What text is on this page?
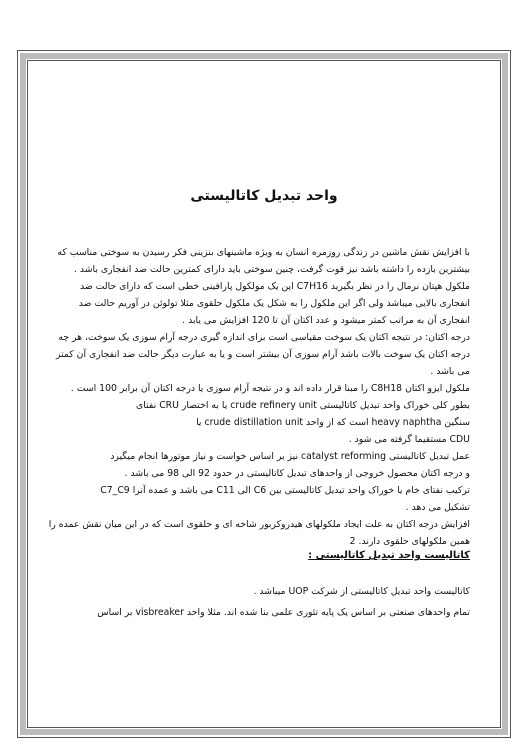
واحد تبدیل کاتالیستی

با افزایش نقش ماشین در زندگی روزمره انسان به ویژه ماشینهای بنزینی فکر رسیدن به سوختی مناسب که
بیشترین بازده را داشته باشد نیز قوت گرفت، چنین سوختی باید دارای کمترین حالت ضد انفجاری باشد .

ملکول هپتان نرمال را در نظر بگیرید C7H16 این یک مولکول پارافینی خطی است که دارای حالت ضد
انفجاری بالایی میباشد ولی اگر این ملکول را به شکل یک ملکول حلقوی مثلا تولوئن در آوریم حالت ضد
انفجاری آن به مراتب کمتر میشود و عدد اکتان آن تا 120 افزایش می یابد .

درجه اکتان: در نتیجه اکتان یک سوخت مقیاسی است برای اندازه گیری درجه آرام سوزی یک سوخت، هر چه
درجه اکتان یک سوخت بالات باشد آرام سوزی آن بیشتر است و یا به عبارت دیگر حالت ضد انفجاری آن کمتر
می باشد .

ملکول ایزو اکتان C8H18 را مبنا قرار داده اند و در نتیجه آرام سوزی یا درجه اکتان آن برابر 100 است .
بطور کلی خوراک واحد تبدیل کاتالیستی crude refinery unit یا به اختصار CRU نفتای
سنگین heavy naphtha است که از واحد crude distillation unit یا
CDU مستقیما گرفته می شود .

عمل تبدیل کاتالیستی catalyst reforming نیز بر اساس خواست و نیاز موتورها انجام میگیرد
و درجه اکتان محصول خروجی از واحدهای تبدیل کاتالیستی در حدود 92 الی 98 می باشد .

ترکیب نفتای خام یا خوراک واحد تبدیل کاتالیستی بین C6 الی C11 می باشد و عمده آنرا C7_C9
تشکیل می دهد .

افزایش درجه اکتان به علت ایجاد ملکولهای هیدروکربور شاخه ای و حلقوی است که در این میان نقش عمده را
همین ملکولهای حلقوی دارند. 2

کاتالیست واحد تبدیل کاتالیستی :
کاتالیست واحد تبدیل کاتالیستی از شرکت UOP میباشد .
تمام واحدهای صنعتی بر اساس یک پایه تئوری علمی بنا شده اند. مثلا واحد visbreaker بر اساس
